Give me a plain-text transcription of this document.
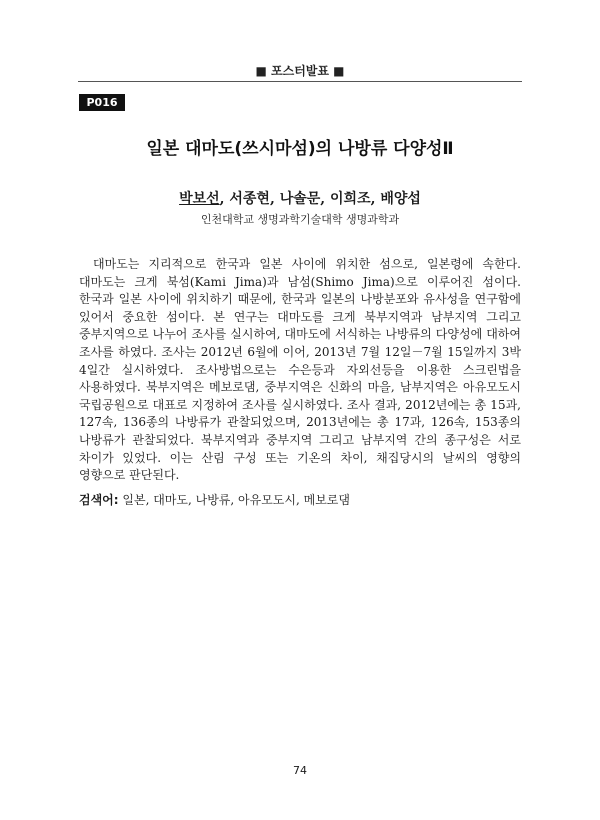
■ 포스터발표 ■
P016
일본 대마도(쓰시마섬)의 나방류 다양성Ⅱ
박보선, 서종현, 나솔문, 이희조, 배양섭
인천대학교 생명과학기술대학 생명과학과

대마도는 지리적으로 한국과 일본 사이에 위치한 섬으로, 일본령에 속한다. 대마도는 크게 북섬(Kami Jima)과 남섬(Shimo Jima)으로 이루어진 섬이다. 한국과 일본 사이에 위치하기 때문에, 한국과 일본의 나방분포와 유사성을 연구함에 있어서 중요한 섬이다. 본 연구는 대마도를 크게 북부지역과 남부지역 그리고 중부지역으로 나누어 조사를 실시하여, 대마도에 서식하는 나방류의 다양성에 대하여 조사를 하였다. 조사는 2012년 6월에 이어, 2013년 7월 12일－7월 15일까지 3박 4일간 실시하였다. 조사방법으로는 수은등과 자외선등을 이용한 스크린법을 사용하였다. 북부지역은 메보로댐, 중부지역은 신화의 마을, 남부지역은 아유모도시 국립공원으로 대표로 지정하여 조사를 실시하였다. 조사 결과, 2012년에는 총 15과, 127속, 136종의 나방류가 관찰되었으며, 2013년에는 총 17과, 126속, 153종의 나방류가 관찰되었다. 북부지역과 중부지역 그리고 남부지역 간의 종구성은 서로 차이가 있었다. 이는 산림 구성 또는 기온의 차이, 채집당시의 날씨의 영향의 영향으로 판단된다.

검색어: 일본, 대마도, 나방류, 아유모도시, 메보로댐
74
